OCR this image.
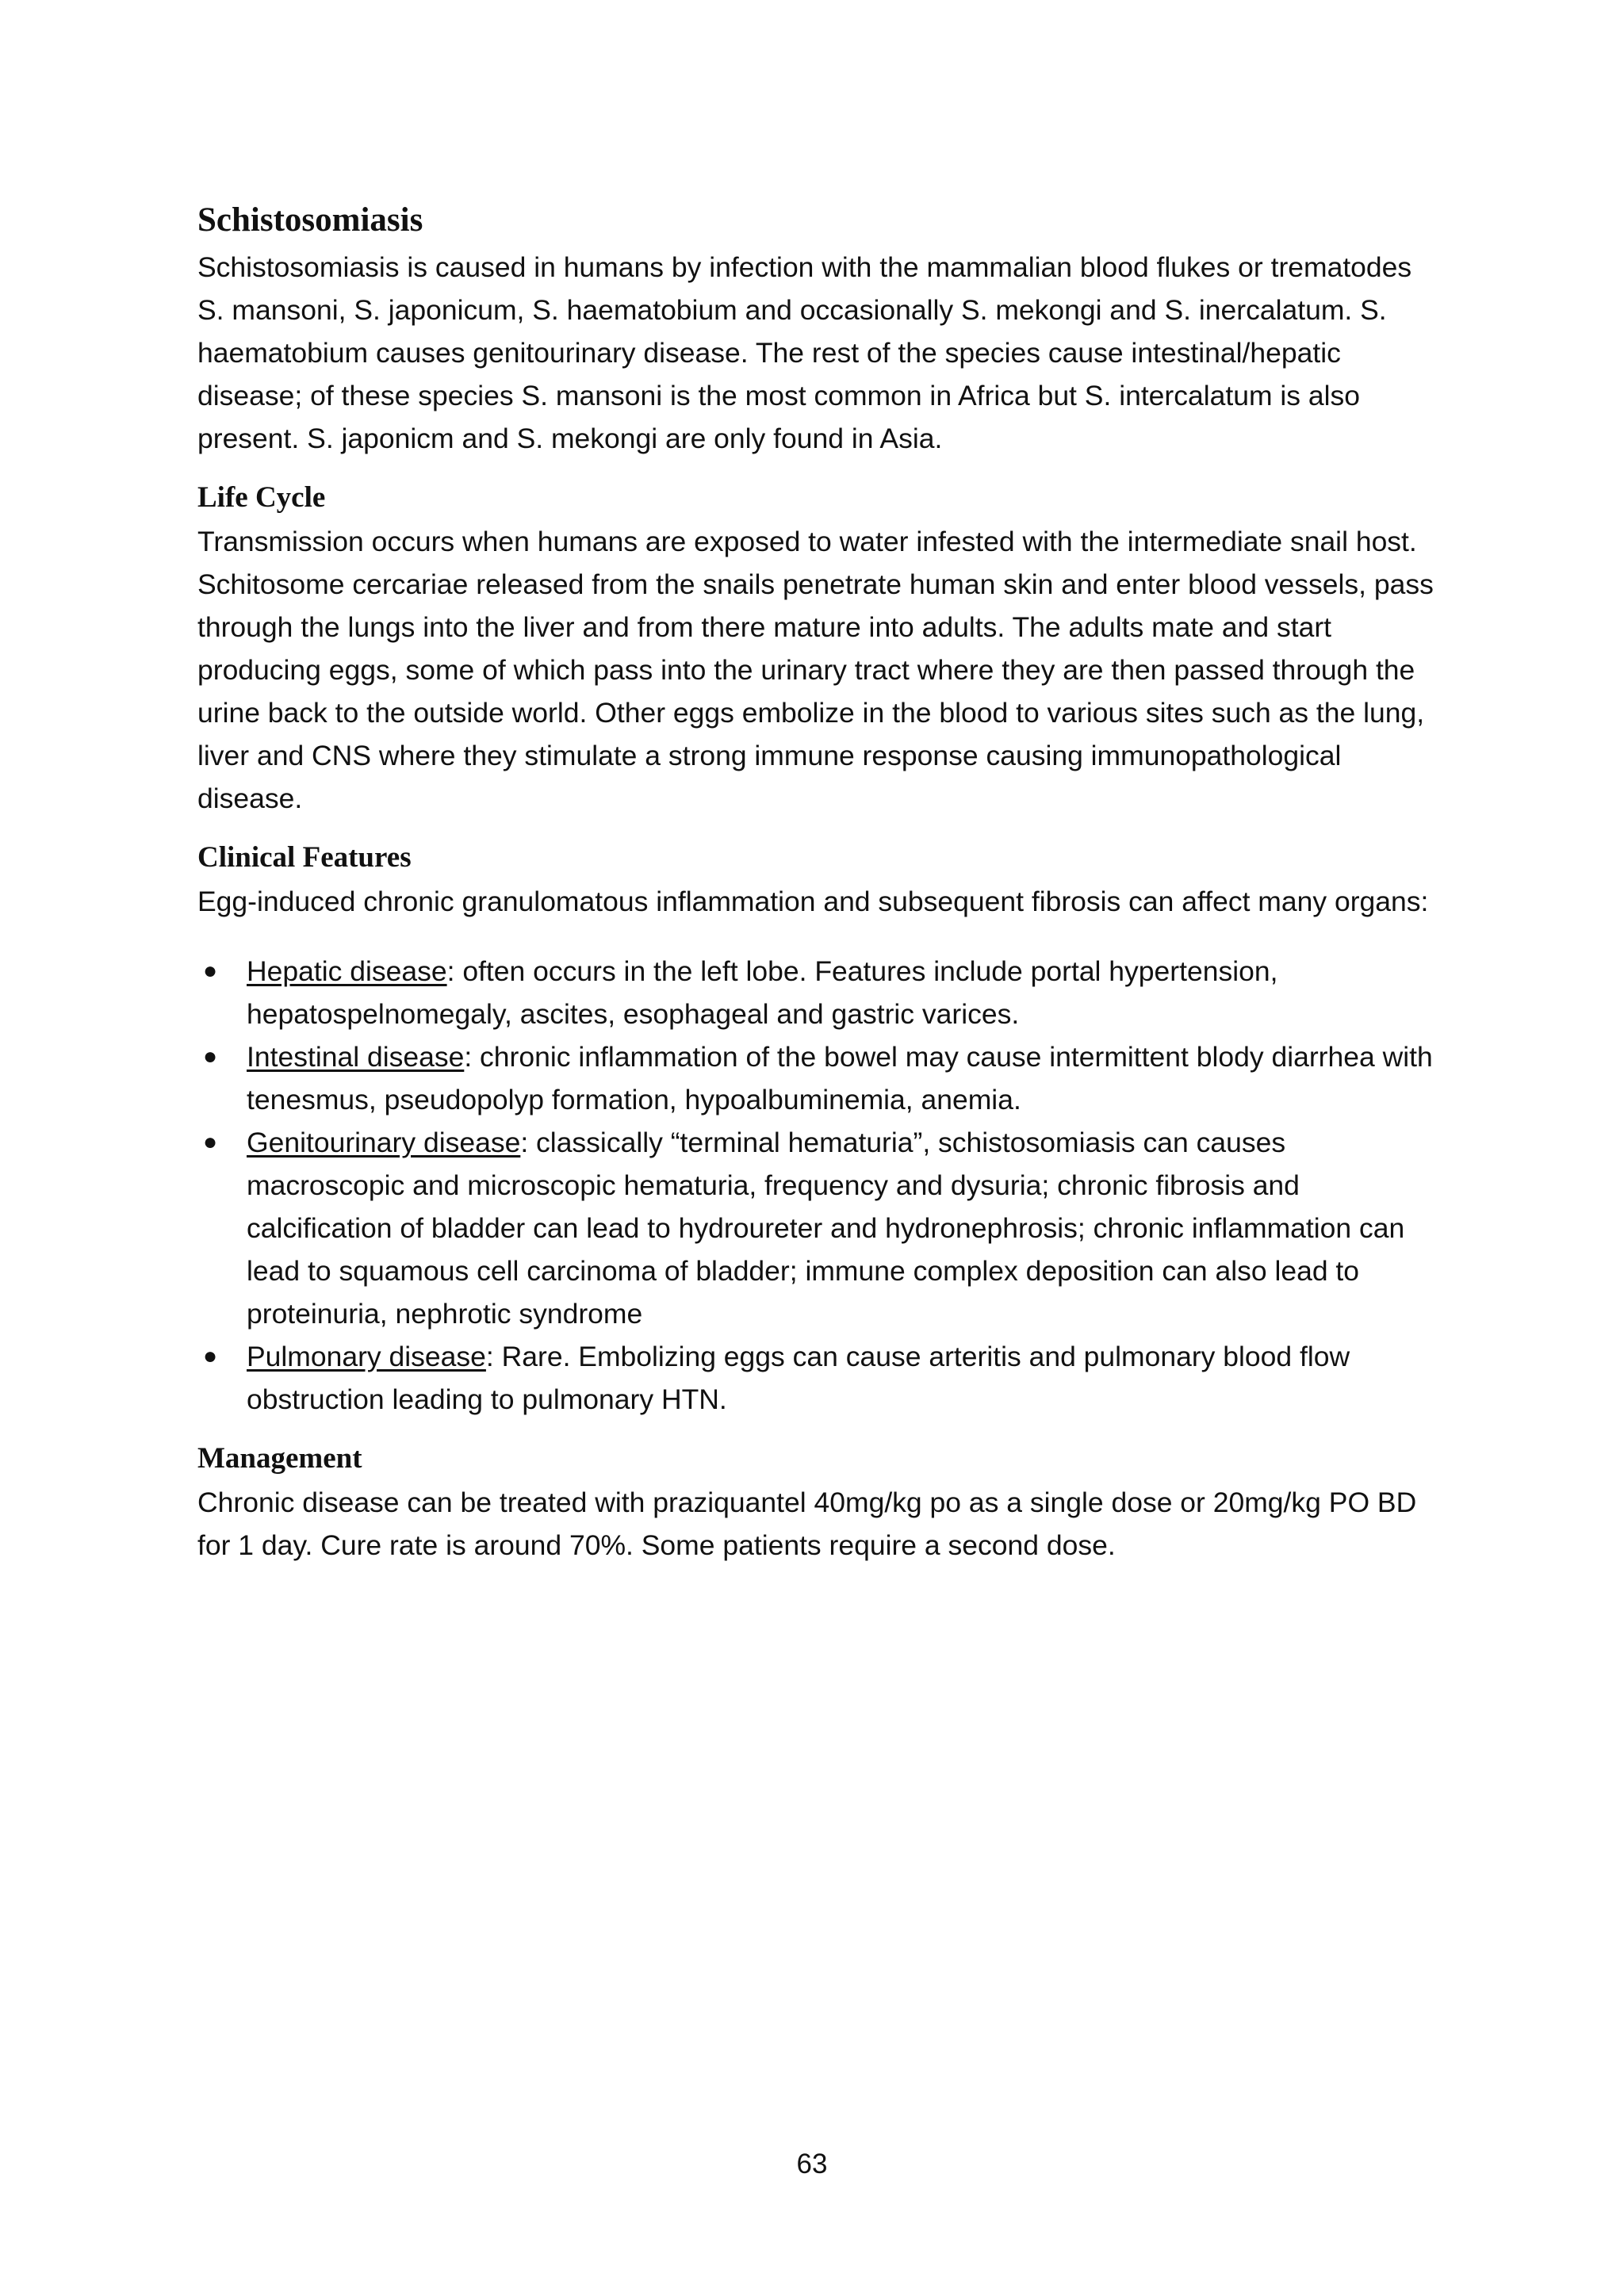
Schistosomiasis

Schistosomiasis is caused in humans by infection with the mammalian blood flukes or trematodes S. mansoni, S. japonicum, S. haematobium and occasionally S. mekongi and S. inercalatum. S. haematobium causes genitourinary disease. The rest of the species cause intestinal/hepatic disease; of these species S. mansoni is the most common in Africa but S. intercalatum is also present. S. japonicm and S. mekongi are only found in Asia.

Life Cycle

Transmission occurs when humans are exposed to water infested with the intermediate snail host. Schitosome cercariae released from the snails penetrate human skin and enter blood vessels, pass through the lungs into the liver and from there mature into adults. The adults mate and start producing eggs, some of which pass into the urinary tract where they are then passed through the urine back to the outside world. Other eggs embolize in the blood to various sites such as the lung, liver and CNS where they stimulate a strong immune response causing immunopathological disease.

Clinical Features

Egg-induced chronic granulomatous inflammation and subsequent fibrosis can affect many organs:

● Hepatic disease: often occurs in the left lobe. Features include portal hypertension, hepatospelnomegaly, ascites, esophageal and gastric varices.
● Intestinal disease: chronic inflammation of the bowel may cause intermittent blody diarrhea with tenesmus, pseudopolyp formation, hypoalbuminemia, anemia.
● Genitourinary disease: classically “terminal hematuria”, schistosomiasis can causes macroscopic and microscopic hematuria, frequency and dysuria; chronic fibrosis and calcification of bladder can lead to hydroureter and hydronephrosis; chronic inflammation can lead to squamous cell carcinoma of bladder; immune complex deposition can also lead to proteinuria, nephrotic syndrome
● Pulmonary disease: Rare. Embolizing eggs can cause arteritis and pulmonary blood flow obstruction leading to pulmonary HTN.
Management

Chronic disease can be treated with praziquantel 40mg/kg po as a single dose or 20mg/kg PO BD for 1 day. Cure rate is around 70%. Some patients require a second dose.

63
